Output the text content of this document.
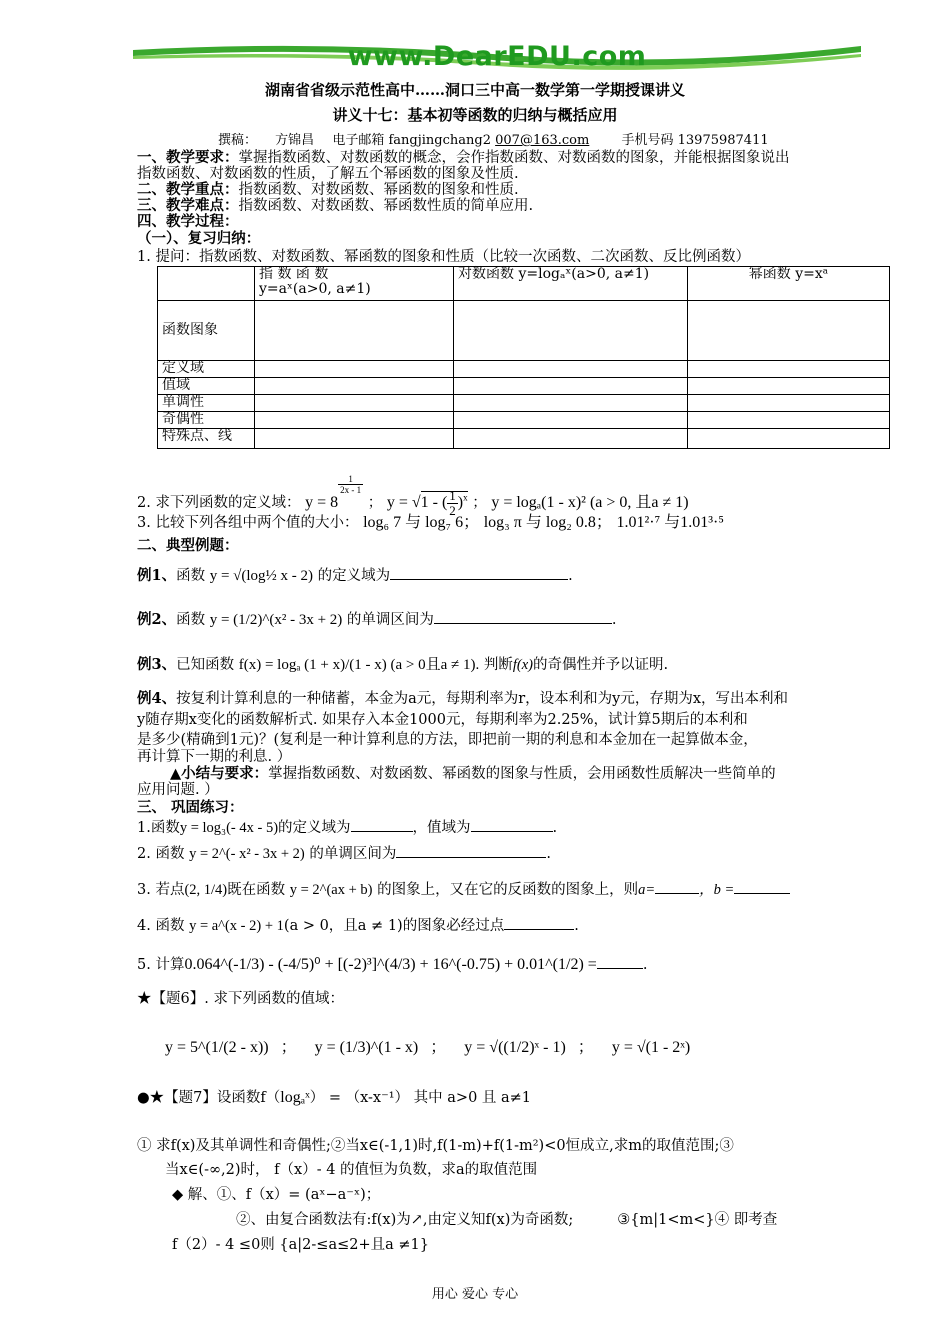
www.DearEDU.com
湖南省省级示范性高中……洞口三中高一数学第一学期授课讲义
讲义十七：基本初等函数的归纳与概括应用
撰稿： 方锦昌 电子邮箱 fangjingchang2 007@163.com 手机号码 13975987411
一、教学要求：掌握指数函数、对数函数的概念，会作指数函数、对数函数的图象，并能根据图象说出
指数函数、对数函数的性质，了解五个幂函数的图象及性质.
二、教学重点：指数函数、对数函数、幂函数的图象和性质.
三、教学难点：指数函数、对数函数、幂函数性质的简单应用.
四、教学过程：
（一）、复习归纳：
1. 提问：指数函数、对数函数、幂函数的图象和性质（比较一次函数、二次函数、反比例函数）

	指 数 函 数
y=aˣ(a>0, a≠1)	对数函数 y=logₐˣ(a>0, a≠1)	幂函数 y=xᵃ
函数图象			
定义域			
值域			
单调性			
奇偶性			
特殊点、线			
2. 求下列函数的定义域： y = 8
$\frac{1}{2x - 1}$
； y = √1 - ( $\frac{1}{2} )^x$ ； y = logₐ(1 - x)² (a > 0, 且a ≠ 1)
3. 比较下列各组中两个值的大小： log₆ 7 与 log₇ 6； log₃ π 与 log₂ 0.8； 1.01²·⁷ 与1.01³·⁵
二、典型例题：
例1、函数 y = √(log½ x - 2) 的定义域为	.
例2、函数 y = (1/2)^(x² - 3x + 2) 的单调区间为	.
例3、已知函数 f(x) = logₐ (1 + x)/(1 - x) (a > 0且a ≠ 1). 判断f(x)的奇偶性并予以证明.
例4、按复利计算利息的一种储蓄，本金为a元，每期利率为r，设本利和为y元，存期为x，写出本利和
y随存期x变化的函数解析式. 如果存入本金1000元，每期利率为2.25%，试计算5期后的本利和
是多少(精确到1元)？(复利是一种计算利息的方法，即把前一期的利息和本金加在一起算做本金，
再计算下一期的利息. ）
▲小结与要求：掌握指数函数、对数函数、幂函数的图象与性质，会用函数性质解决一些简单的
应用问题. ）
三、 巩固练习：
1.函数y = log₃(- 4x - 5)的定义域为	，值域为	.
2. 函数 y = 2^(- x² - 3x + 2) 的单调区间为	.
3. 若点(2, 1/4)既在函数 y = 2^(ax + b) 的图象上，又在它的反函数的图象上，则a=	，b =
4. 函数 y = a^(x - 2) + 1(a > 0，且a ≠ 1)的图象必经过点	.
5. 计算0.064^(-1/3) - (-4/5)⁰ + [(-2)³]^(4/3) + 16^(-0.75) + 0.01^(1/2) =	.
★【题6】. 求下列函数的值域：
y = 5^(1/(2 - x)) ； y = (1/3)^(1 - x) ； y = √((1/2)ˣ - 1) ； y = √(1 - 2ˣ)
●★【题7】设函数f（logₐˣ） = （x-x⁻¹） 其中 a>0 且 a≠1
① 求f(x)及其单调性和奇偶性;②当x∈(-1,1)时,f(1-m)+f(1-m²)<0恒成立,求m的取值范围;③
当x∈(-∞,2)时， f（x）- 4 的值恒为负数，求a的取值范围
◆ 解、①、f（x）= (aˣ−a⁻ˣ)；
②、由复合函数法有:f(x)为↗,由定义知f(x)为奇函数;	③{m|1<m<}④ 即考查
f（2）- 4 ≤0则 {a|2-≤a≤2+且a ≠1}
用心 爱心 专心
